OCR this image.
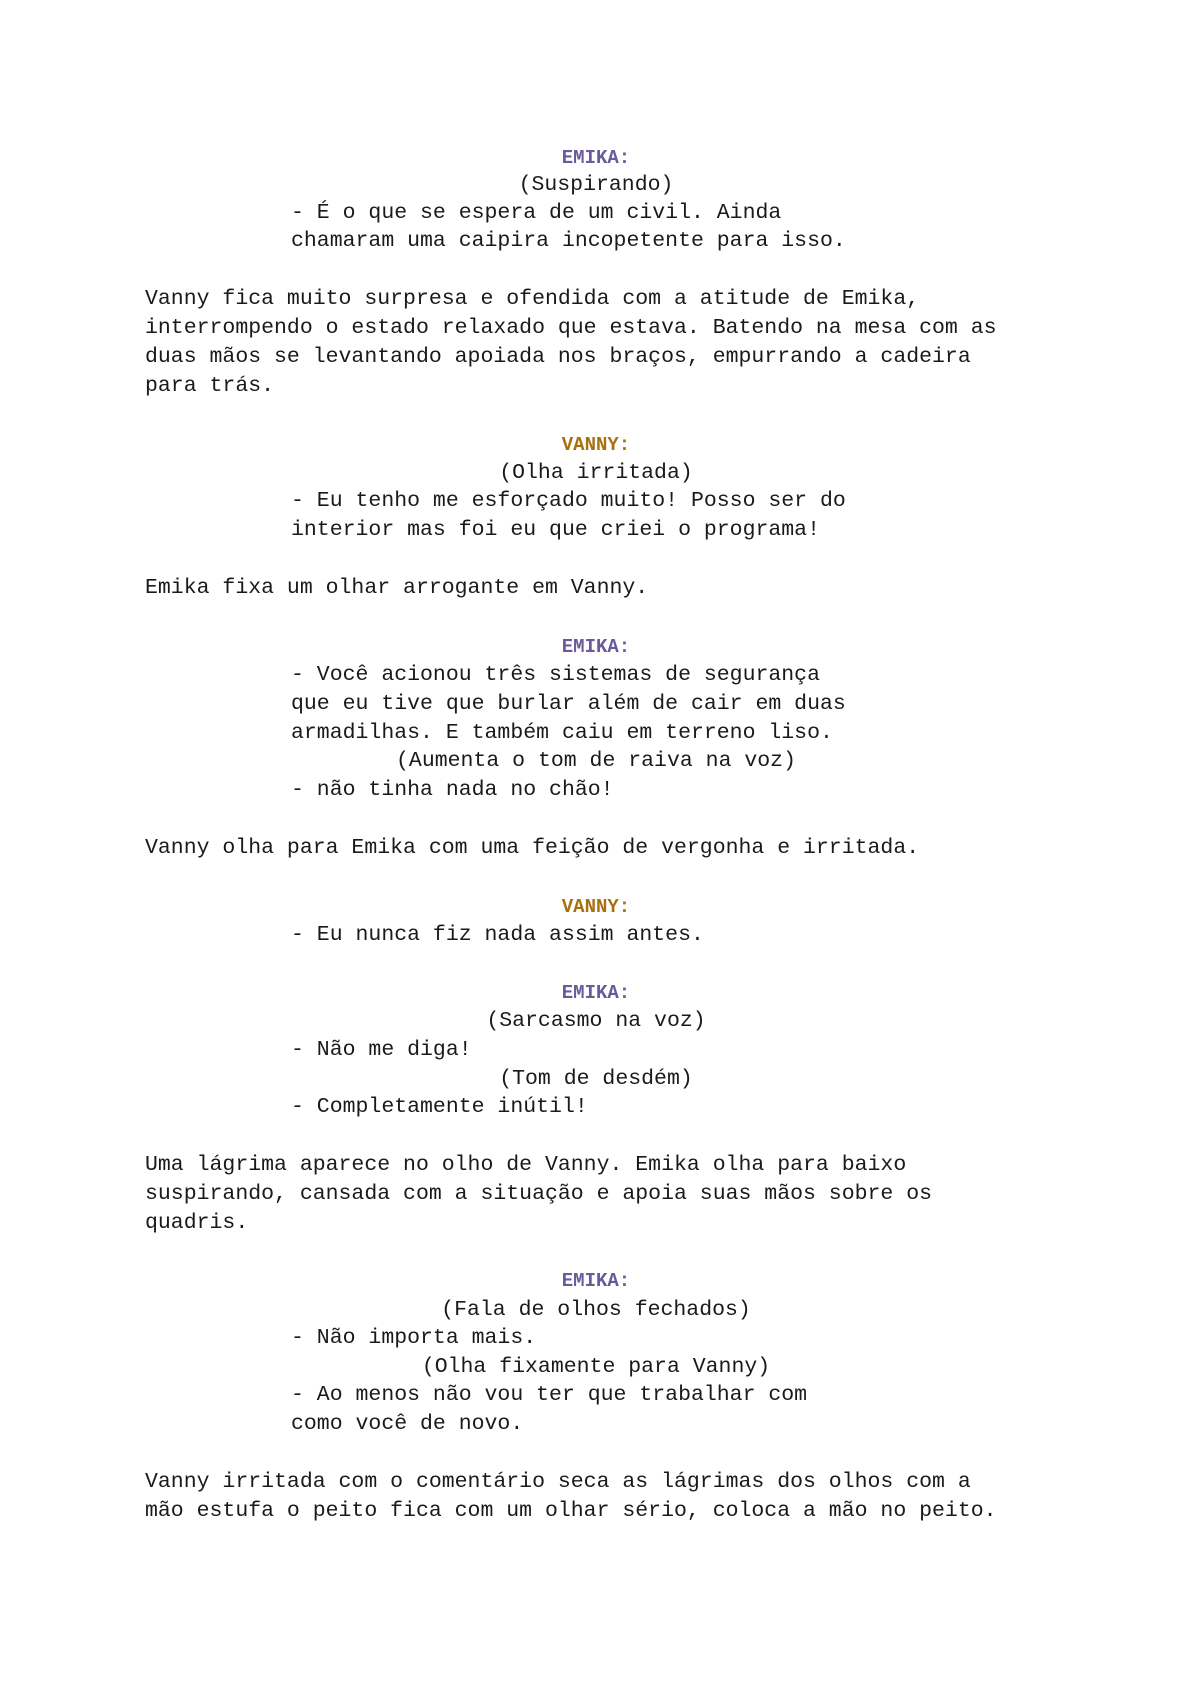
EMIKA:
(Suspirando)
- É o que se espera de um civil. Ainda
chamaram uma caipira incopetente para isso.
Vanny fica muito surpresa e ofendida com a atitude de Emika,
interrompendo o estado relaxado que estava. Batendo na mesa com as
duas mãos se levantando apoiada nos braços, empurrando a cadeira
para trás.
VANNY:
(Olha irritada)
- Eu tenho me esforçado muito! Posso ser do
interior mas foi eu que criei o programa!
Emika fixa um olhar arrogante em Vanny.
EMIKA:
- Você acionou três sistemas de segurança
que eu tive que burlar além de cair em duas
armadilhas. E também caiu em terreno liso.
(Aumenta o tom de raiva na voz)
- não tinha nada no chão!
Vanny olha para Emika com uma feição de vergonha e irritada.
VANNY:
- Eu nunca fiz nada assim antes.
EMIKA:
(Sarcasmo na voz)
- Não me diga!
(Tom de desdém)
- Completamente inútil!
Uma lágrima aparece no olho de Vanny. Emika olha para baixo
suspirando, cansada com a situação e apoia suas mãos sobre os
quadris.
EMIKA:
(Fala de olhos fechados)
- Não importa mais.
(Olha fixamente para Vanny)
- Ao menos não vou ter que trabalhar com
como você de novo.
Vanny irritada com o comentário seca as lágrimas dos olhos com a
mão estufa o peito fica com um olhar sério, coloca a mão no peito.
